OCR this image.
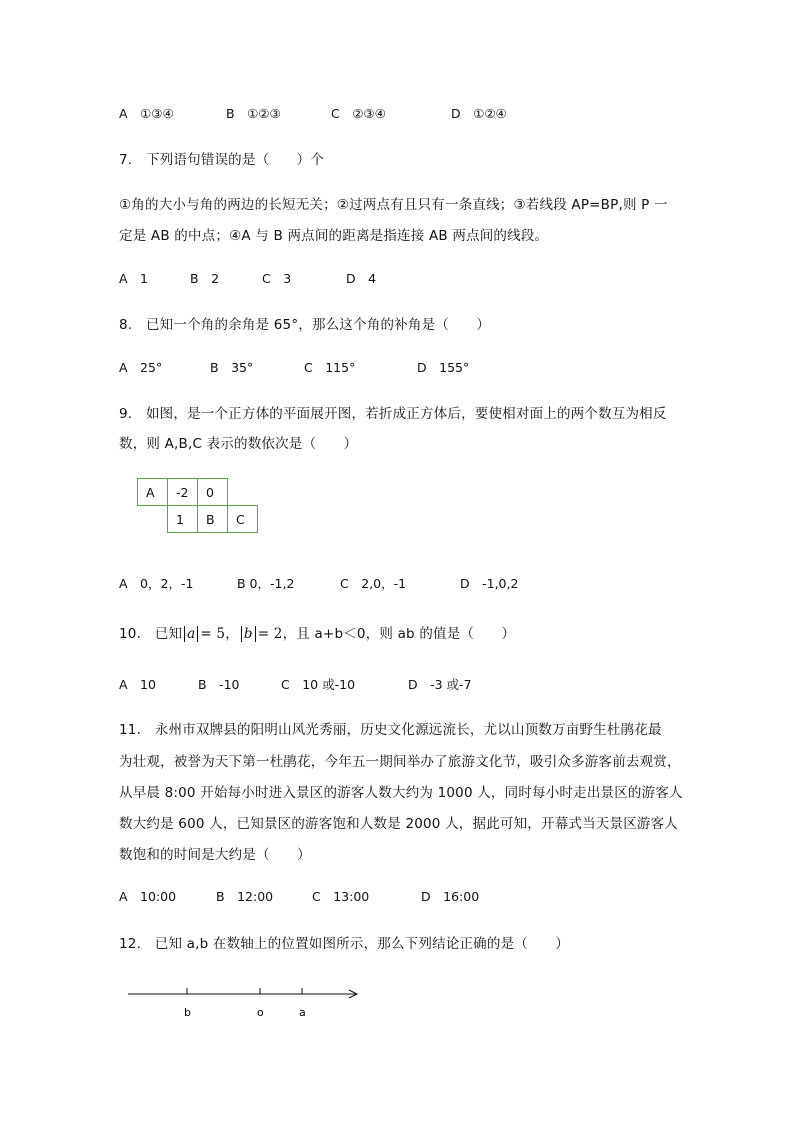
A　①③④	B　①②③	C　②③④	D　①②④
7.　下列语句错误的是（　　）个
①角的大小与角的两边的长短无关；②过两点有且只有一条直线；③若线段 AP=BP,则 P 一
定是 AB 的中点；④A 与 B 两点间的距离是指连接 AB 两点间的线段。
A　1	B　2	C　3	D　4
8.　已知一个角的余角是 65°，那么这个角的补角是（　　）
A　25°	B　35°	C　115°	D　155°
9.　如图，是一个正方体的平面展开图，若折成正方体后，要使相对面上的两个数互为相反
数，则 A,B,C 表示的数依次是（　　）
A	-2	0	
	1	B	C
A　0，2，-1	B 0，-1,2	C　2,0，-1	D　-1,0,2
10.　已知 a = 5， b = 2，且 a+b＜0，则 ab 的值是（　　）
A　10	B　-10	C　10 或-10	D　-3 或-7
11.　永州市双牌县的阳明山风光秀丽，历史文化源远流长，尤以山顶数万亩野生杜鹃花最
为壮观，被誉为天下第一杜鹃花，今年五一期间举办了旅游文化节，吸引众多游客前去观赏，
从早晨 8:00 开始每小时进入景区的游客人数大约为 1000 人，同时每小时走出景区的游客人
数大约是 600 人，已知景区的游客饱和人数是 2000 人，据此可知，开幕式当天景区游客人
数饱和的时间是大约是（　　）
A　10:00	B　12:00	C　13:00	D　16:00
12.　已知 a,b 在数轴上的位置如图所示，那么下列结论正确的是（　　）
b	o	a
